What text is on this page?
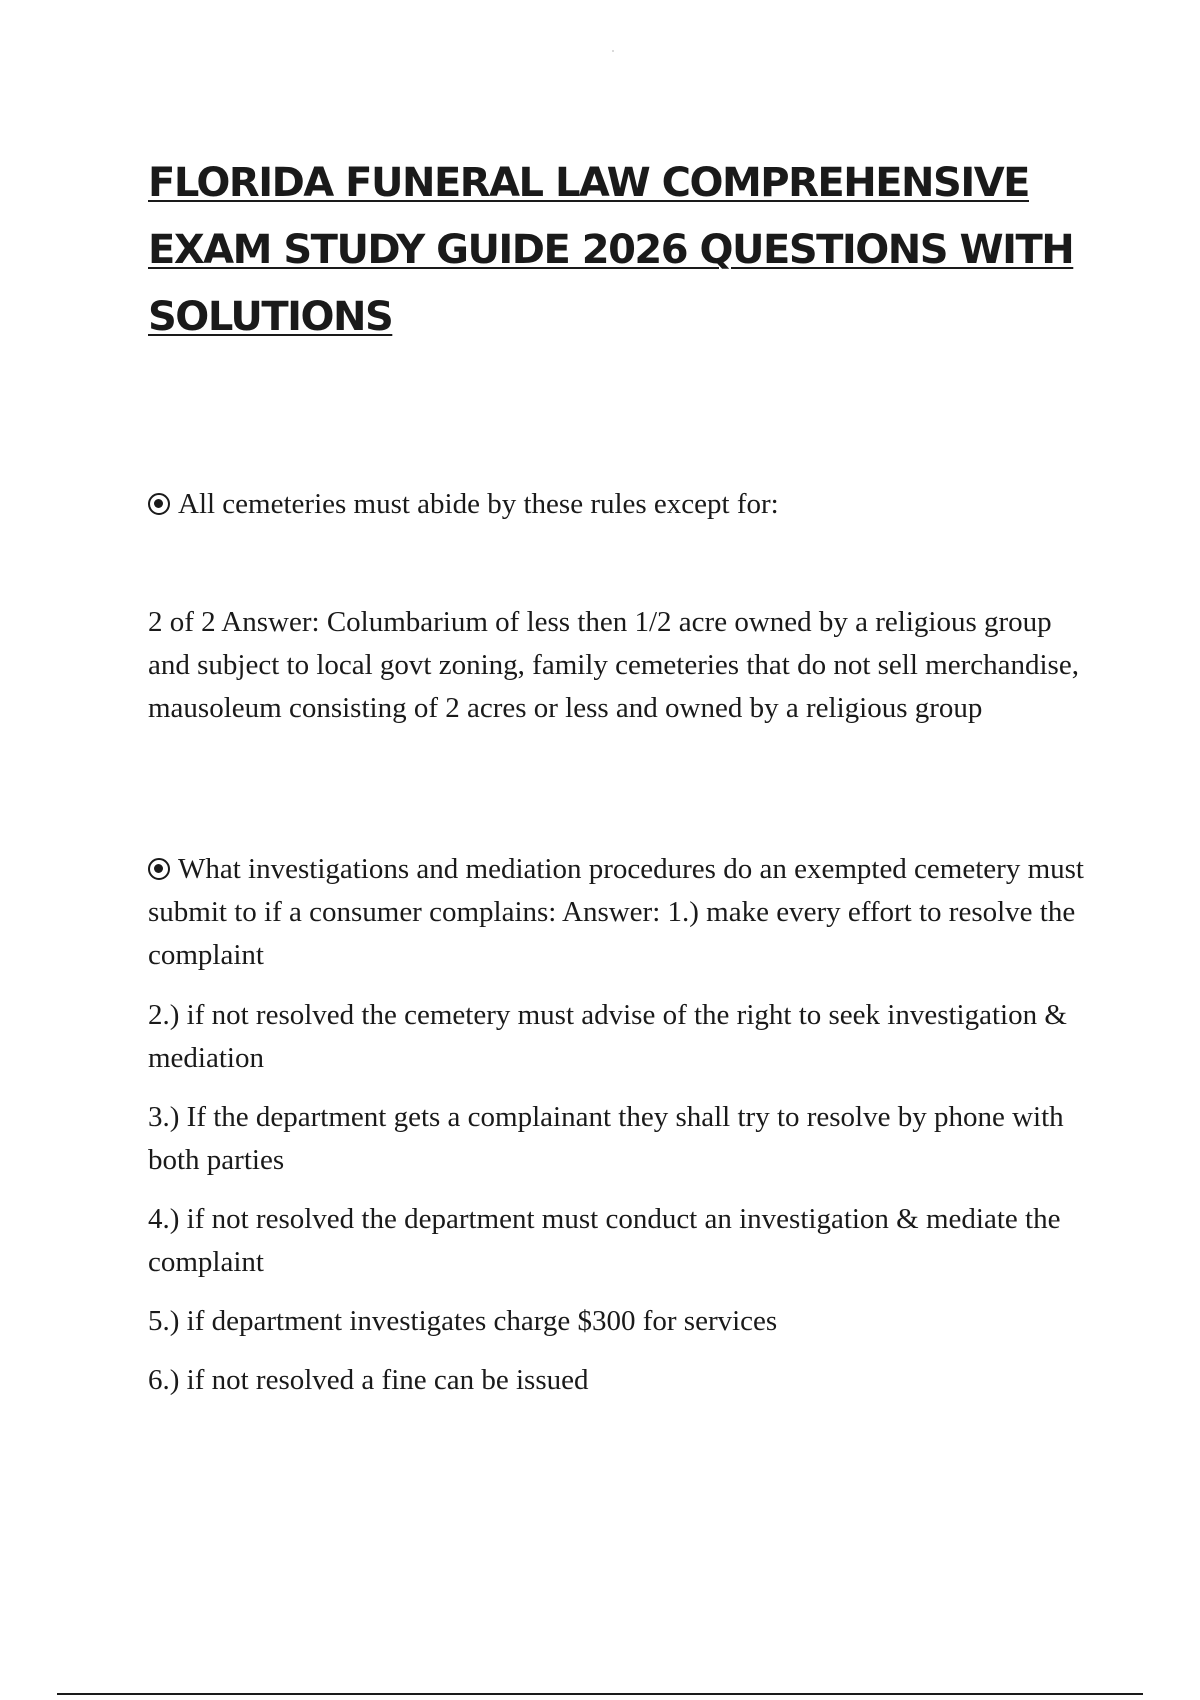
FLORIDA FUNERAL LAW COMPREHENSIVE EXAM STUDY GUIDE 2026 QUESTIONS WITH SOLUTIONS
All cemeteries must abide by these rules except for:
2 of 2 Answer: Columbarium of less then 1/2 acre owned by a religious group and subject to local govt zoning, family cemeteries that do not sell merchandise, mausoleum consisting of 2 acres or less and owned by a religious group
What investigations and mediation procedures do an exempted cemetery must submit to if a consumer complains: Answer: 1.) make every effort to resolve the complaint
2.) if not resolved the cemetery must advise of the right to seek investigation & mediation
3.) If the department gets a complainant they shall try to resolve by phone with both parties
4.) if not resolved the department must conduct an investigation & mediate the complaint
5.) if department investigates charge $300 for services
6.) if not resolved a fine can be issued
